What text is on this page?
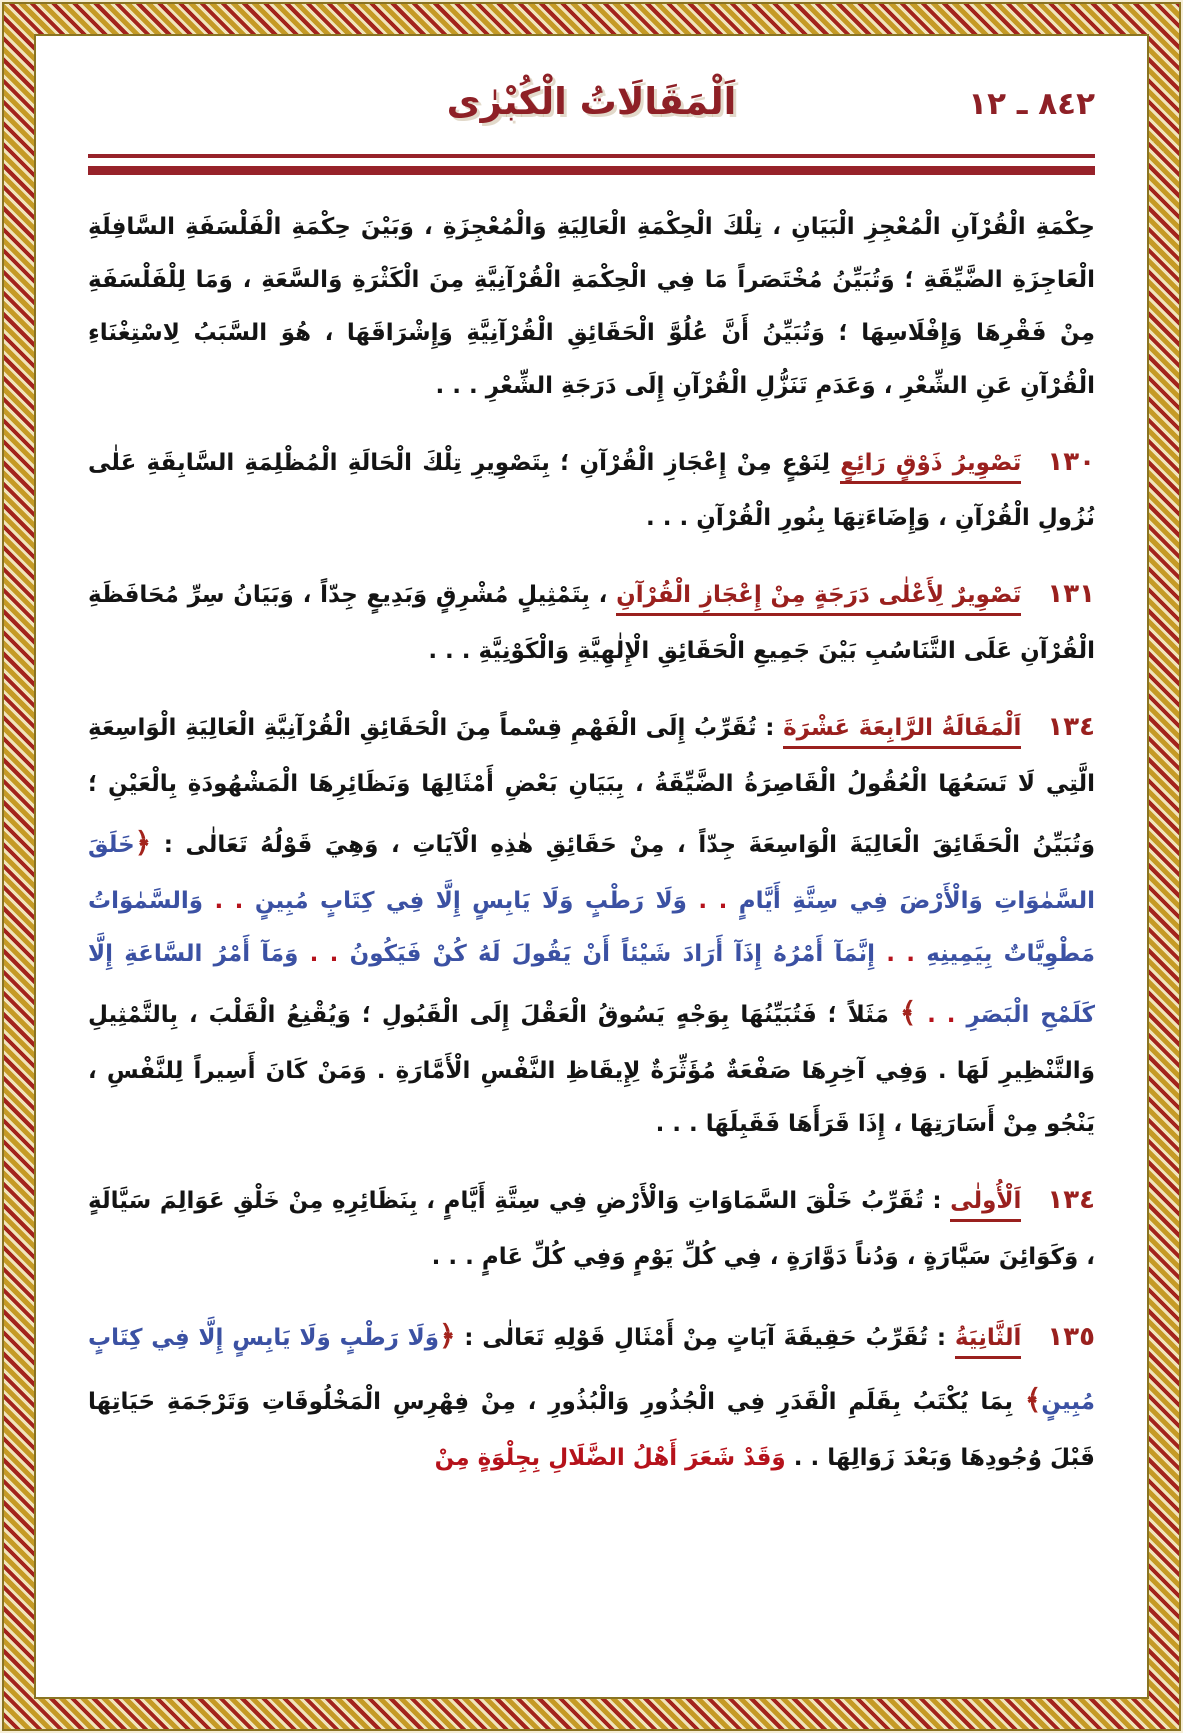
٨٤٢ ـ ١٢
اَلْمَقَالَاتُ الْكُبْرٰى

حِكْمَةِ الْقُرْآنِ الْمُعْجِزِ الْبَيَانِ ، تِلْكَ الْحِكْمَةِ الْعَالِيَةِ وَالْمُعْجِزَةِ ، وَبَيْنَ حِكْمَةِ الْفَلْسَفَةِ السَّافِلَةِ الْعَاجِزَةِ الضَّيِّقَةِ ؛ وَتُبَيِّنُ مُخْتَصَراً مَا فِي الْحِكْمَةِ الْقُرْآنِيَّةِ مِنَ الْكَثْرَةِ وَالسَّعَةِ ، وَمَا لِلْفَلْسَفَةِ مِنْ فَقْرِهَا وَإِفْلَاسِهَا ؛ وَتُبَيِّنُ أَنَّ عُلُوَّ الْحَقَائِقِ الْقُرْآنِيَّةِ وَإِشْرَاقَهَا ، هُوَ السَّبَبُ لِاسْتِغْنَاءِ الْقُرْآنِ عَنِ الشِّعْرِ ، وَعَدَمِ تَنَزُّلِ الْقُرْآنِ إِلَى دَرَجَةِ الشِّعْرِ . . .

١٣٠تَصْوِيرُ ذَوْقٍ رَائِعٍ لِنَوْعٍ مِنْ إِعْجَازِ الْقُرْآنِ ؛ بِتَصْوِيرِ تِلْكَ الْحَالَةِ الْمُظْلِمَةِ السَّابِقَةِ عَلٰى نُزُولِ الْقُرْآنِ ، وَإِضَاءَتِهَا بِنُورِ الْقُرْآنِ . . .

١٣١تَصْوِيرٌ لِأَعْلٰى دَرَجَةٍ مِنْ إِعْجَازِ الْقُرْآنِ ، بِتَمْثِيلٍ مُشْرِقٍ وَبَدِيعٍ جِدّاً ، وَبَيَانُ سِرِّ مُحَافَظَةِ الْقُرْآنِ عَلَى التَّنَاسُبِ بَيْنَ جَمِيعِ الْحَقَائِقِ الْإِلٰهِيَّةِ وَالْكَوْنِيَّةِ . . .

١٣٤اَلْمَقَالَةُ الرَّابِعَةَ عَشْرَةَ : تُقَرِّبُ إِلَى الْفَهْمِ قِسْماً مِنَ الْحَقَائِقِ الْقُرْآنِيَّةِ الْعَالِيَةِ الْوَاسِعَةِ الَّتِي لَا تَسَعُهَا الْعُقُولُ الْقَاصِرَةُ الضَّيِّقَةُ ، بِبَيَانِ بَعْضِ أَمْثَالِهَا وَنَظَائِرِهَا الْمَشْهُودَةِ بِالْعَيْنِ ؛ وَتُبَيِّنُ الْحَقَائِقَ الْعَالِيَةَ الْوَاسِعَةَ جِدّاً ، مِنْ حَقَائِقِ هٰذِهِ الْآيَاتِ ، وَهِيَ قَوْلُهُ تَعَالٰى : ﴿خَلَقَ السَّمٰوَاتِ وَالْأَرْضَ فِي سِتَّةِ أَيَّامٍ . . وَلَا رَطْبٍ وَلَا يَابِسٍ إِلَّا فِي كِتَابٍ مُبِينٍ . . وَالسَّمٰوَاتُ مَطْوِيَّاتٌ بِيَمِينِهِ . . إِنَّمَآ أَمْرُهُ إِذَآ أَرَادَ شَيْئاً أَنْ يَقُولَ لَهُ كُنْ فَيَكُونُ . . وَمَآ أَمْرُ السَّاعَةِ إِلَّا كَلَمْحِ الْبَصَرِ . . ﴾ مَثَلاً ؛ فَتُبَيِّنُهَا بِوَجْهٍ يَسُوقُ الْعَقْلَ إِلَى الْقَبُولِ ؛ وَيُقْنِعُ الْقَلْبَ ، بِالتَّمْثِيلِ وَالتَّنْظِيرِ لَهَا . وَفِي آخِرِهَا صَفْعَةٌ مُؤَثِّرَةٌ لِإِيقَاظِ النَّفْسِ الْأَمَّارَةِ . وَمَنْ كَانَ أَسِيراً لِلنَّفْسِ ، يَنْجُو مِنْ أَسَارَتِهَا ، إِذَا قَرَأَهَا فَقَبِلَهَا . . .

١٣٤اَلْأُولٰى : تُقَرِّبُ خَلْقَ السَّمَاوَاتِ وَالْأَرْضِ فِي سِتَّةِ أَيَّامٍ ، بِنَظَائِرِهِ مِنْ خَلْقِ عَوَالِمَ سَيَّالَةٍ ، وَكَوَائِنَ سَيَّارَةٍ ، وَدُناً دَوَّارَةٍ ، فِي كُلِّ يَوْمٍ وَفِي كُلِّ عَامٍ . . .

١٣٥اَلثَّانِيَةُ : تُقَرِّبُ حَقِيقَةَ آيَاتٍ مِنْ أَمْثَالِ قَوْلِهِ تَعَالٰى : ﴿وَلَا رَطْبٍ وَلَا يَابِسٍ إِلَّا فِي كِتَابٍ مُبِينٍ﴾ بِمَا يُكْتَبُ بِقَلَمِ الْقَدَرِ فِي الْجُذُورِ وَالْبُذُورِ ، مِنْ فِهْرِسِ الْمَخْلُوقَاتِ وَتَرْجَمَةِ حَيَاتِهَا قَبْلَ وُجُودِهَا وَبَعْدَ زَوَالِهَا . . وَقَدْ شَعَرَ أَهْلُ الضَّلَالِ بِجِلْوَةٍ مِنْ
